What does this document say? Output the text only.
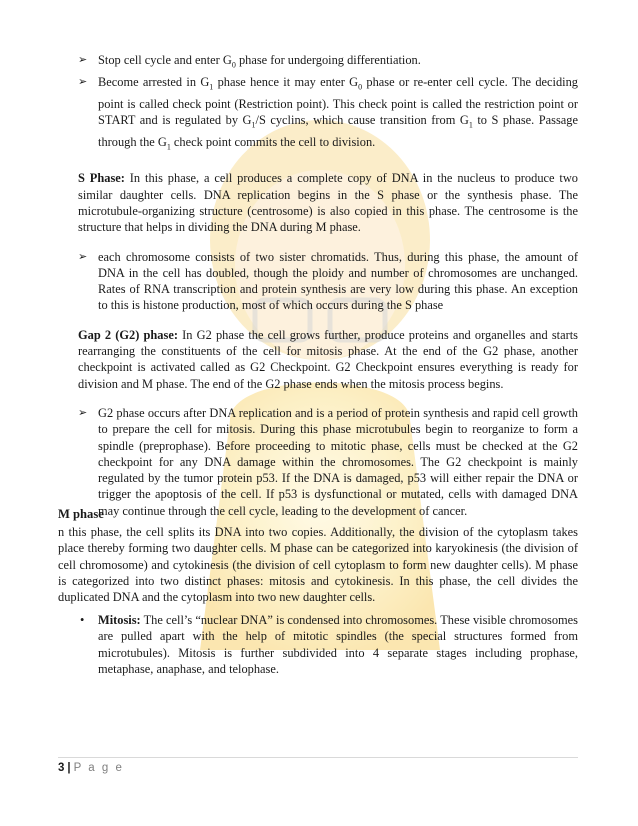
➢ Stop cell cycle and enter $G_0$ phase for undergoing differentiation.
➢ Become arrested in $G_1$ phase hence it may enter $G_0$ phase or re-enter cell cycle. The deciding point is called check point (Restriction point). This check point is called the restriction point or START and is regulated by $G_1/S$ cyclins, which cause transition from $G_1$ to S phase. Passage through the $G_1$ check point commits the cell to division.

S Phase: In this phase, a cell produces a complete copy of DNA in the nucleus to produce two similar daughter cells. DNA replication begins in the S phase or the synthesis phase. The microtubule-organizing structure (centrosome) is also copied in this phase. The centrosome is the structure that helps in dividing the DNA during M phase.

➢ each chromosome consists of two sister chromatids. Thus, during this phase, the amount of DNA in the cell has doubled, though the ploidy and number of chromosomes are unchanged. Rates of RNA transcription and protein synthesis are very low during this phase. An exception to this is histone production, most of which occurs during the S phase

Gap 2 (G2) phase: In G2 phase the cell grows further, produce proteins and organelles and starts rearranging the constituents of the cell for mitosis phase. At the end of the G2 phase, another checkpoint is activated called as G2 Checkpoint. G2 Checkpoint ensures everything is ready for division and M phase. The end of the G2 phase ends when the mitosis process begins.

➢ G2 phase occurs after DNA replication and is a period of protein synthesis and rapid cell growth to prepare the cell for mitosis. During this phase microtubules begin to reorganize to form a spindle (preprophase). Before proceeding to mitotic phase, cells must be checked at the G2 checkpoint for any DNA damage within the chromosomes. The G2 checkpoint is mainly regulated by the tumor protein p53. If the DNA is damaged, p53 will either repair the DNA or trigger the apoptosis of the cell. If p53 is dysfunctional or mutated, cells with damaged DNA may continue through the cell cycle, leading to the development of cancer.
M phase

n this phase, the cell splits its DNA into two copies. Additionally, the division of the cytoplasm takes place thereby forming two daughter cells. M phase can be categorized into karyokinesis (the division of cell chromosome) and cytokinesis (the division of cell cytoplasm to form new daughter cells). M phase is categorized into two distinct phases: mitosis and cytokinesis. In this phase, the cell divides the duplicated DNA and the cytoplasm into two new daughter cells.

• Mitosis: The cell’s “nuclear DNA” is condensed into chromosomes. These visible chromosomes are pulled apart with the help of mitotic spindles (the special structures formed from microtubules). Mitosis is further subdivided into 4 separate stages including prophase, metaphase, anaphase, and telophase.
3 | P a g e
